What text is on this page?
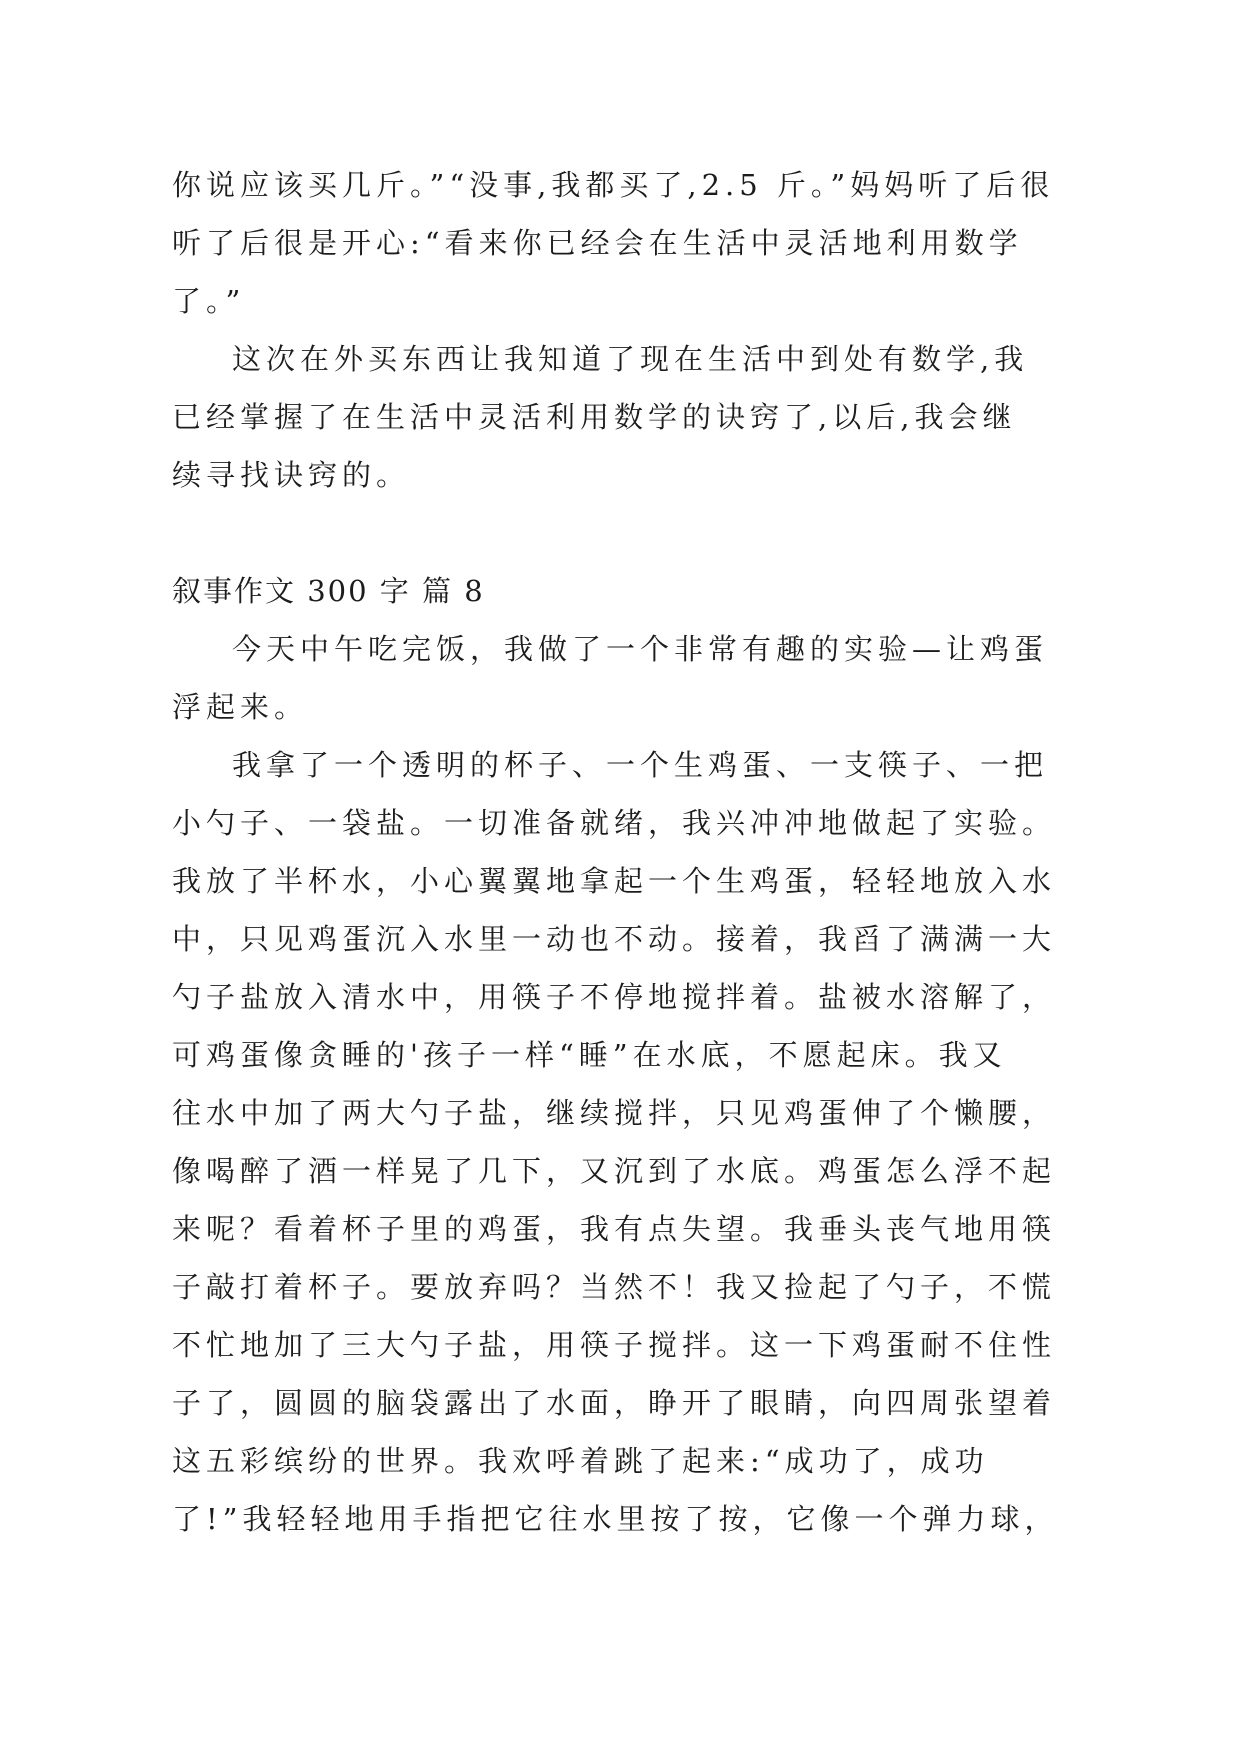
你说应该买几斤。”“没事,我都买了,2.5 斤。”妈妈听了后很
听了后很是开心:“看来你已经会在生活中灵活地利用数学
了。”
这次在外买东西让我知道了现在生活中到处有数学,我
已经掌握了在生活中灵活利用数学的诀窍了,以后,我会继
续寻找诀窍的。
叙事作文 300 字 篇 8
今天中午吃完饭，我做了一个非常有趣的实验—让鸡蛋
浮起来。
我拿了一个透明的杯子、一个生鸡蛋、一支筷子、一把
小勺子、一袋盐。一切准备就绪，我兴冲冲地做起了实验。
我放了半杯水，小心翼翼地拿起一个生鸡蛋，轻轻地放入水
中，只见鸡蛋沉入水里一动也不动。接着，我舀了满满一大
勺子盐放入清水中，用筷子不停地搅拌着。盐被水溶解了，
可鸡蛋像贪睡的'孩子一样“睡”在水底，不愿起床。我又
往水中加了两大勺子盐，继续搅拌，只见鸡蛋伸了个懒腰，
像喝醉了酒一样晃了几下，又沉到了水底。鸡蛋怎么浮不起
来呢？看着杯子里的鸡蛋，我有点失望。我垂头丧气地用筷
子敲打着杯子。要放弃吗？当然不！我又捡起了勺子，不慌
不忙地加了三大勺子盐，用筷子搅拌。这一下鸡蛋耐不住性
子了，圆圆的脑袋露出了水面，睁开了眼睛，向四周张望着
这五彩缤纷的世界。我欢呼着跳了起来:“成功了，成功
了!”我轻轻地用手指把它往水里按了按，它像一个弹力球，
